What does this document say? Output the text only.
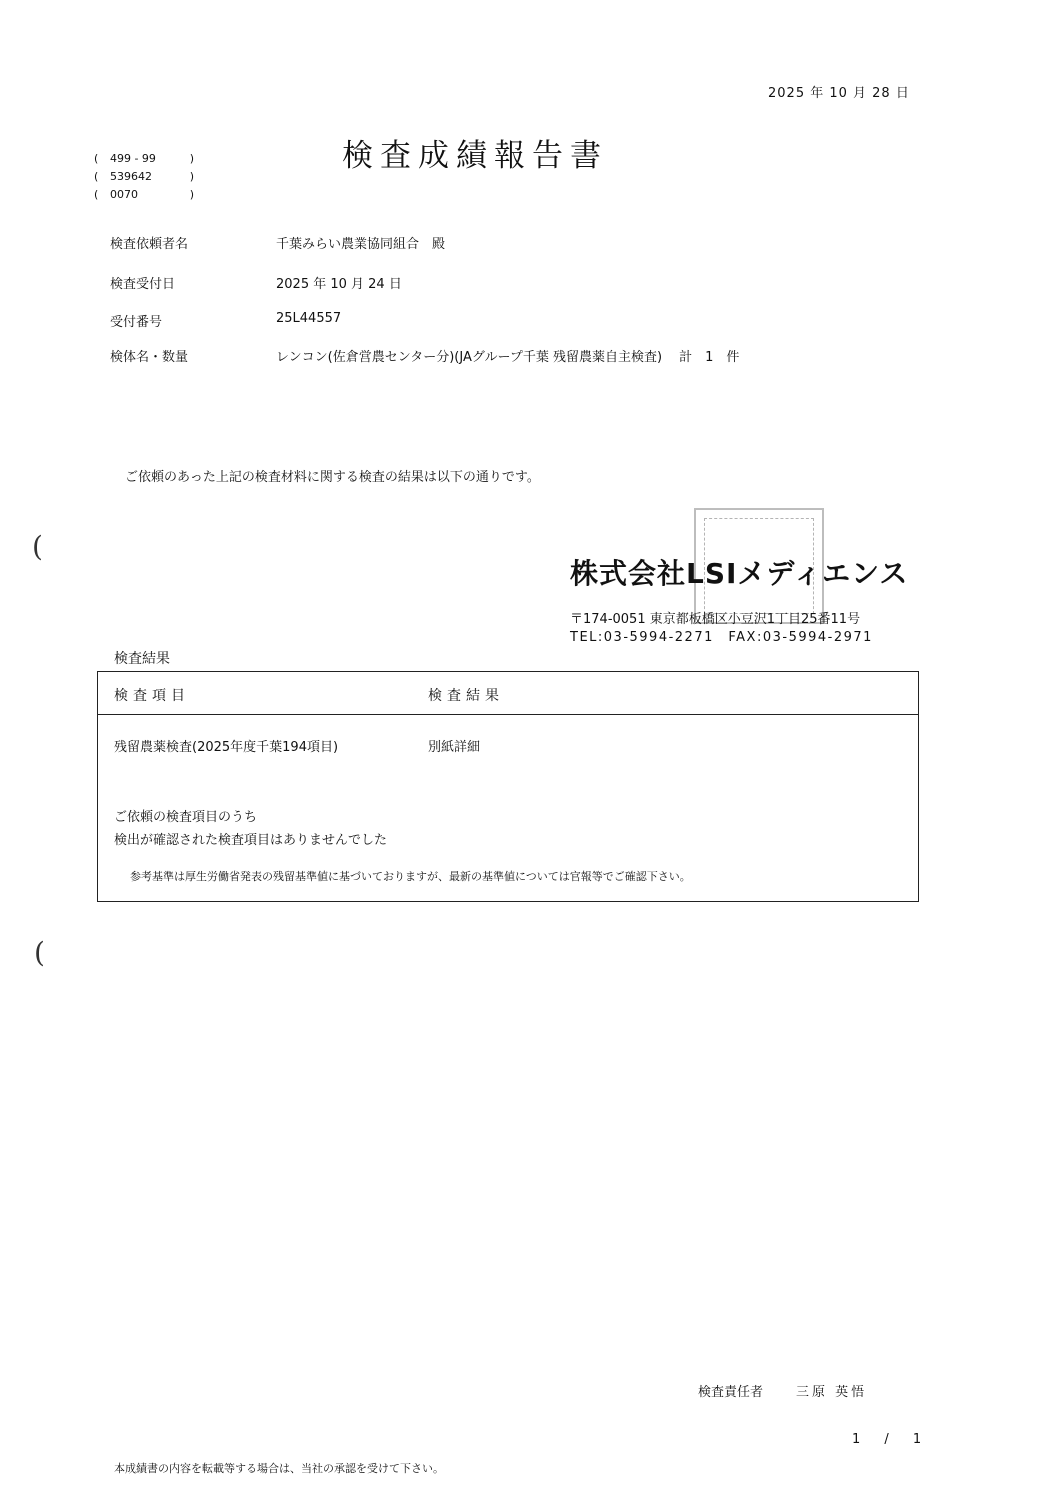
2025 年 10 月 28 日
検査成績報告書
(	499 - 99	)
(	539642	)
(	0070	)
検査依頼者名	千葉みらい農業協同組合　殿
検査受付日	2025 年 10 月 24 日
受付番号	25L44557
検体名・数量	レンコン(佐倉営農センター分)(JAグループ千葉 残留農薬自主検査)　 計　1　件
ご依頼のあった上記の検査材料に関する検査の結果は以下の通りです。
株式会社LSIメディエンス
〒174-0051 東京都板橋区小豆沢1丁目25番11号
TEL:03-5994-2271　FAX:03-5994-2971
(
(
検査結果
検査項目	検査結果
残留農薬検査(2025年度千葉194項目)	別紙詳細
ご依頼の検査項目のうち
検出が確認された検査項目はありませんでした
参考基準は厚生労働省発表の残留基準値に基づいておりますが、最新の基準値については官報等でご確認下さい。
検査責任者	三原 英悟
1 / 1
本成績書の内容を転載等する場合は、当社の承認を受けて下さい。
